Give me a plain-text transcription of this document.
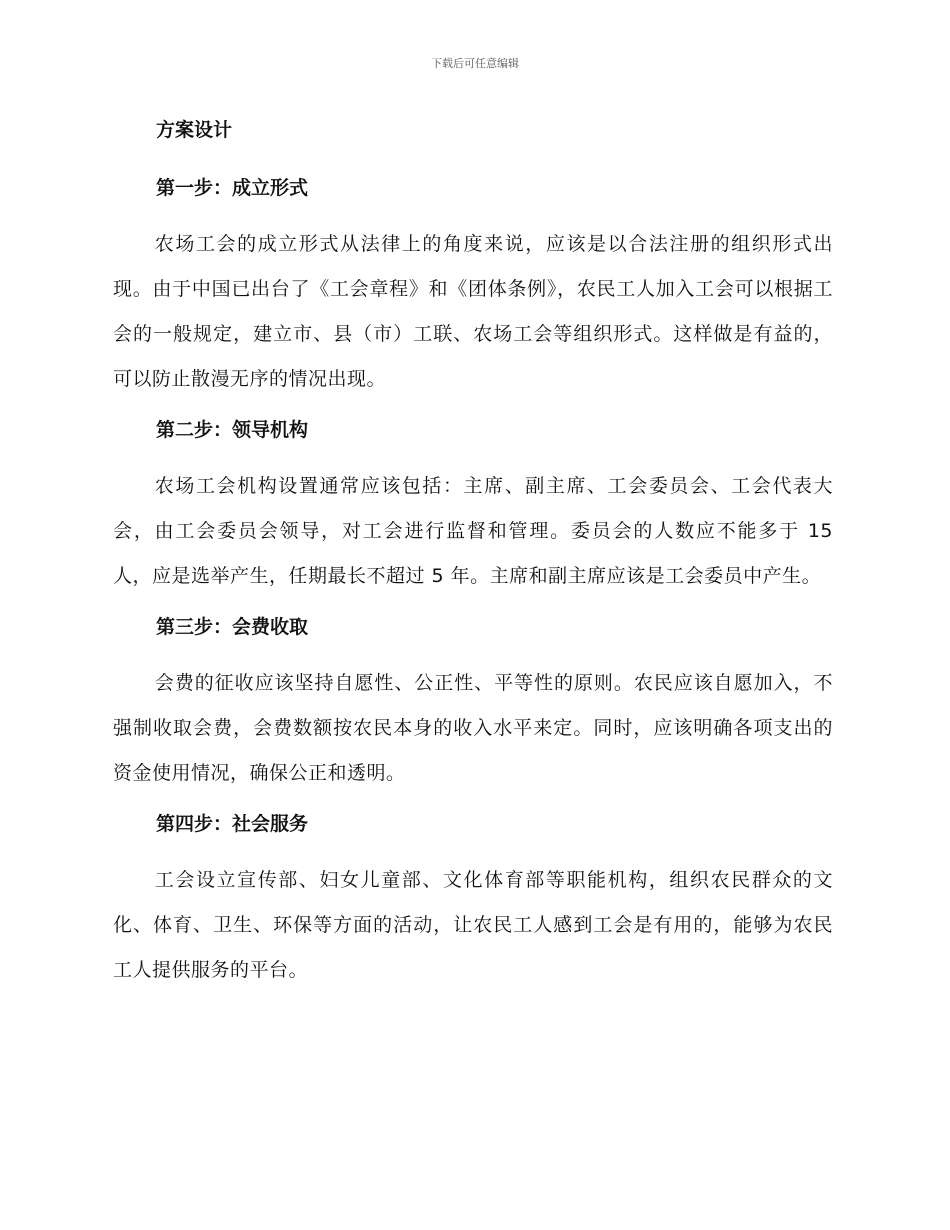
下载后可任意编辑
方案设计
第一步：成立形式

农场工会的成立形式从法律上的角度来说，应该是以合法注册的组织形式出现。由于中国已出台了《工会章程》和《团体条例》，农民工人加入工会可以根据工会的一般规定，建立市、县（市）工联、农场工会等组织形式。这样做是有益的，可以防止散漫无序的情况出现。

第二步：领导机构

农场工会机构设置通常应该包括：主席、副主席、工会委员会、工会代表大会，由工会委员会领导，对工会进行监督和管理。委员会的人数应不能多于 15 人，应是选举产生，任期最长不超过 5 年。主席和副主席应该是工会委员中产生。

第三步：会费收取

会费的征收应该坚持自愿性、公正性、平等性的原则。农民应该自愿加入，不强制收取会费，会费数额按农民本身的收入水平来定。同时，应该明确各项支出的资金使用情况，确保公正和透明。

第四步：社会服务

工会设立宣传部、妇女儿童部、文化体育部等职能机构，组织农民群众的文化、体育、卫生、环保等方面的活动，让农民工人感到工会是有用的，能够为农民工人提供服务的平台。
